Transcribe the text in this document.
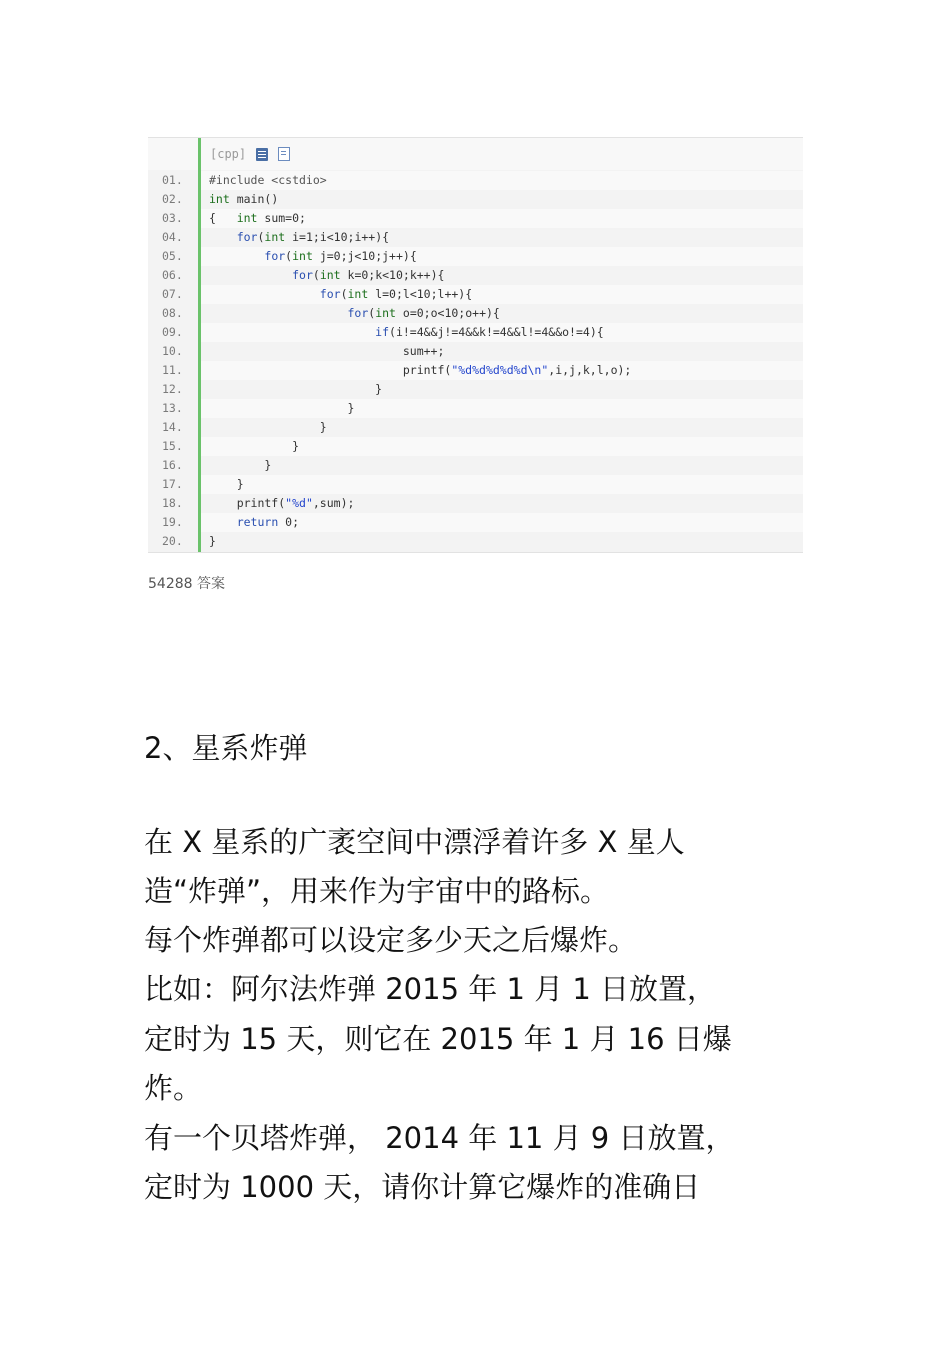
[cpp]
01.	#include <cstdio>
02.	int main()
03.	{   int sum=0;
04.	for(int i=1;i<10;i++){
05.	for(int j=0;j<10;j++){
06.	for(int k=0;k<10;k++){
07.	for(int l=0;l<10;l++){
08.	for(int o=0;o<10;o++){
09.	if(i!=4&&j!=4&&k!=4&&l!=4&&o!=4){
10.	sum++;
11.	printf("%d%d%d%d%d\n",i,j,k,l,o);
12.	}
13.	}
14.	}
15.	}
16.	}
17.	}
18.	printf("%d",sum);
19.	return 0;
20.	}
54288 答案
2、星系炸弹
在 X 星系的广袤空间中漂浮着许多 X 星人
造“炸弹”，用来作为宇宙中的路标。
每个炸弹都可以设定多少天之后爆炸。
比如：阿尔法炸弹 2015 年 1 月 1 日放置，
定时为 15 天，则它在 2015 年 1 月 16 日爆
炸。
有一个贝塔炸弹， 2014 年 11 月 9 日放置，
定时为 1000 天，请你计算它爆炸的准确日
